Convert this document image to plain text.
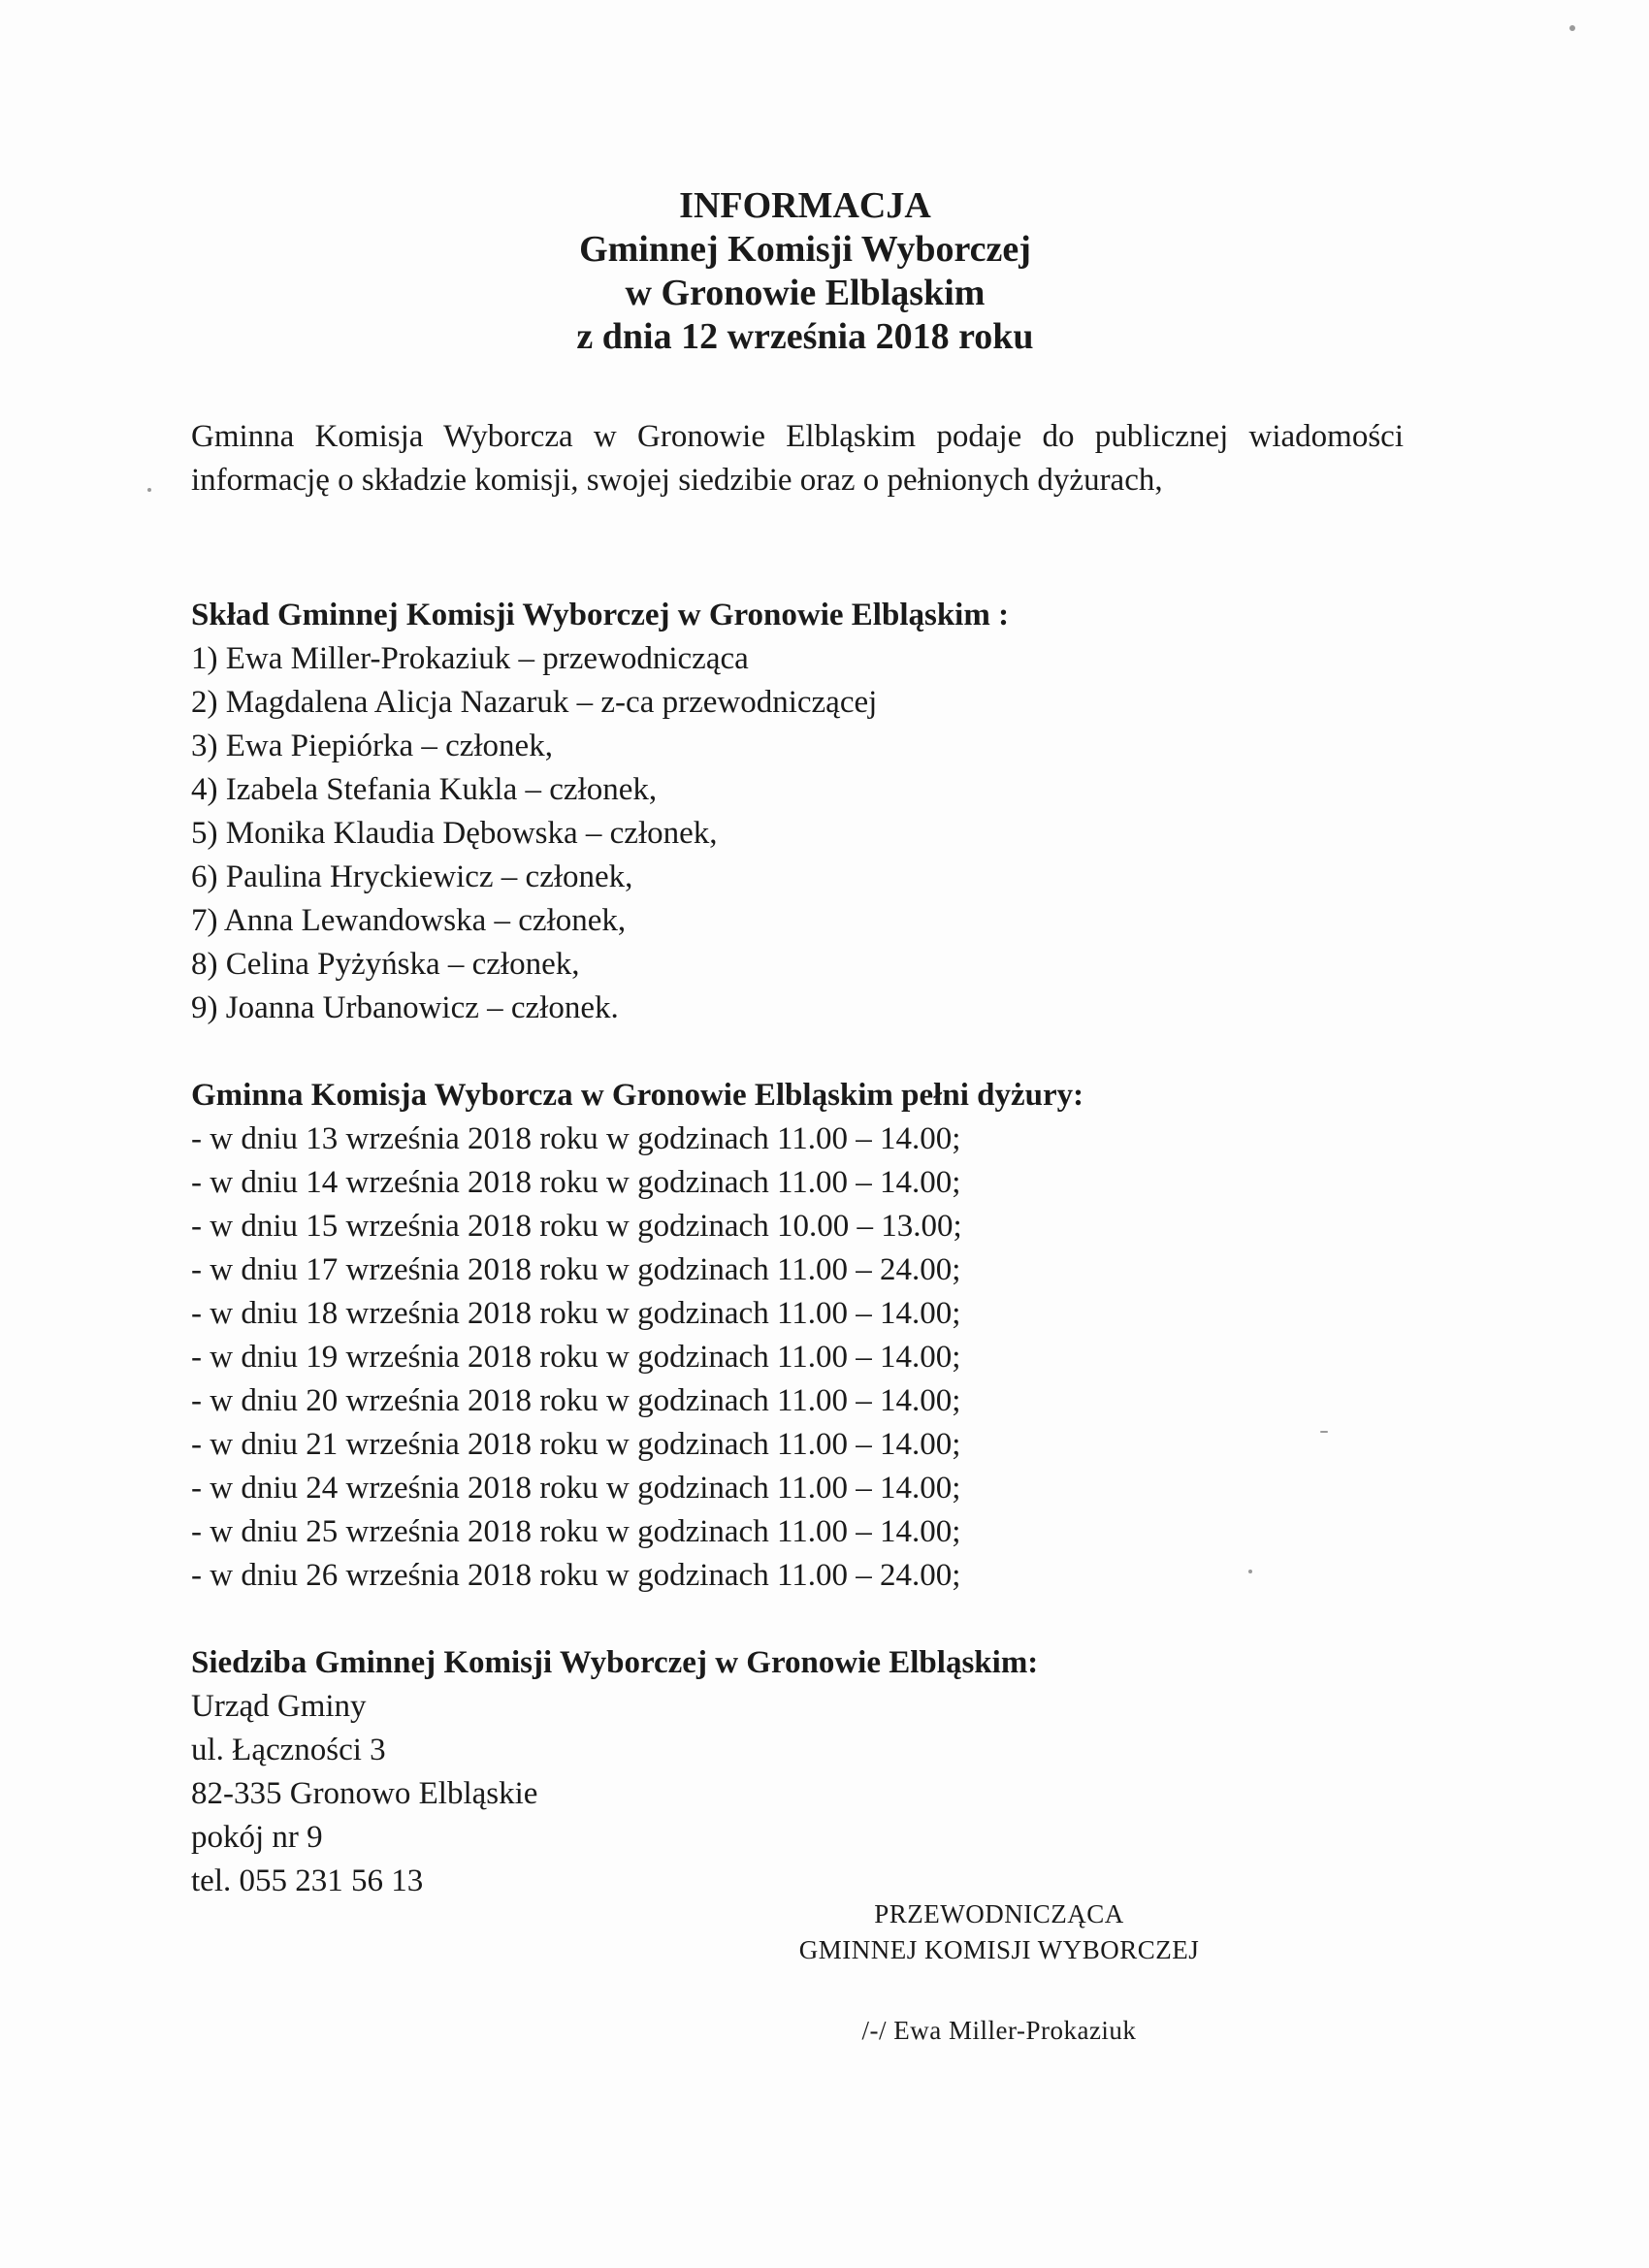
INFORMACJA
Gminnej Komisji Wyborczej
w Gronowie Elbląskim
z dnia 12 września 2018 roku
Gminna Komisja Wyborcza w Gronowie Elbląskim podaje do publicznej wiadomości informację o składzie komisji, swojej siedzibie oraz o pełnionych dyżurach,
Skład Gminnej Komisji Wyborczej w Gronowie Elbląskim :
1) Ewa Miller-Prokaziuk – przewodnicząca
2) Magdalena Alicja Nazaruk – z-ca przewodniczącej
3) Ewa Piepiórka – członek,
4) Izabela Stefania Kukla – członek,
5) Monika Klaudia Dębowska – członek,
6) Paulina Hryckiewicz – członek,
7) Anna Lewandowska – członek,
8) Celina Pyżyńska – członek,
9) Joanna Urbanowicz – członek.
Gminna Komisja Wyborcza w Gronowie Elbląskim pełni dyżury:
- w dniu 13 września 2018 roku w godzinach 11.00 – 14.00;
- w dniu 14 września 2018 roku w godzinach 11.00 – 14.00;
- w dniu 15 września 2018 roku w godzinach 10.00 – 13.00;
- w dniu 17 września 2018 roku w godzinach 11.00 – 24.00;
- w dniu 18 września 2018 roku w godzinach 11.00 – 14.00;
- w dniu 19 września 2018 roku w godzinach 11.00 – 14.00;
- w dniu 20 września 2018 roku w godzinach 11.00 – 14.00;
- w dniu 21 września 2018 roku w godzinach 11.00 – 14.00;
- w dniu 24 września 2018 roku w godzinach 11.00 – 14.00;
- w dniu 25 września 2018 roku w godzinach 11.00 – 14.00;
- w dniu 26 września 2018 roku w godzinach 11.00 – 24.00;
Siedziba Gminnej Komisji Wyborczej w Gronowie Elbląskim:
Urząd Gminy
ul. Łączności 3
82-335 Gronowo Elbląskie
pokój nr 9
tel. 055 231 56 13
PRZEWODNICZĄCA
GMINNEJ KOMISJI WYBORCZEJ
/-/ Ewa Miller-Prokaziuk
